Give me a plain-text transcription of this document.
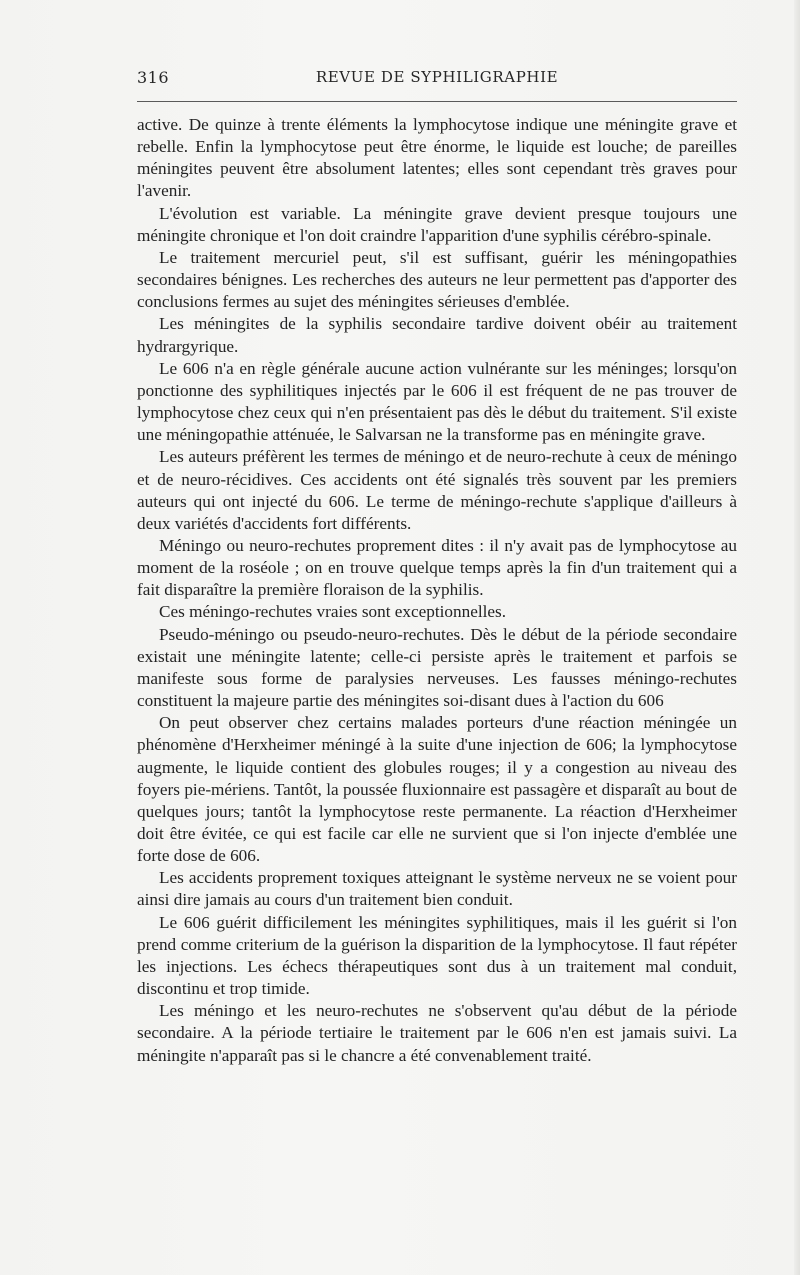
316	REVUE DE SYPHILIGRAPHIE

active. De quinze à trente éléments la lymphocytose indique une méningite grave et rebelle. Enfin la lymphocytose peut être énorme, le liquide est louche; de pareilles méningites peuvent être absolument latentes; elles sont cependant très graves pour l'avenir.

L'évolution est variable. La méningite grave devient presque toujours une méningite chronique et l'on doit craindre l'apparition d'une syphilis cérébro-spinale.

Le traitement mercuriel peut, s'il est suffisant, guérir les méningopathies secondaires bénignes. Les recherches des auteurs ne leur permettent pas d'apporter des conclusions fermes au sujet des méningites sérieuses d'emblée.

Les méningites de la syphilis secondaire tardive doivent obéir au traitement hydrargyrique.

Le 606 n'a en règle générale aucune action vulnérante sur les méninges; lorsqu'on ponctionne des syphilitiques injectés par le 606 il est fréquent de ne pas trouver de lymphocytose chez ceux qui n'en présentaient pas dès le début du traitement. S'il existe une méningopathie atténuée, le Salvarsan ne la transforme pas en méningite grave.

Les auteurs préfèrent les termes de méningo et de neuro-rechute à ceux de méningo et de neuro-récidives. Ces accidents ont été signalés très souvent par les premiers auteurs qui ont injecté du 606. Le terme de méningo-rechute s'applique d'ailleurs à deux variétés d'accidents fort différents.

Méningo ou neuro-rechutes proprement dites : il n'y avait pas de lymphocytose au moment de la roséole ; on en trouve quelque temps après la fin d'un traitement qui a fait disparaître la première floraison de la syphilis.

Ces méningo-rechutes vraies sont exceptionnelles.

Pseudo-méningo ou pseudo-neuro-rechutes. Dès le début de la période secondaire existait une méningite latente; celle-ci persiste après le traitement et parfois se manifeste sous forme de paralysies nerveuses. Les fausses méningo-rechutes constituent la majeure partie des méningites soi-disant dues à l'action du 606

On peut observer chez certains malades porteurs d'une réaction méningée un phénomène d'Herxheimer méningé à la suite d'une injection de 606; la lymphocytose augmente, le liquide contient des globules rouges; il y a congestion au niveau des foyers pie-mériens. Tantôt, la poussée fluxionnaire est passagère et disparaît au bout de quelques jours; tantôt la lymphocytose reste permanente. La réaction d'Herxheimer doit être évitée, ce qui est facile car elle ne survient que si l'on injecte d'emblée une forte dose de 606.

Les accidents proprement toxiques atteignant le système nerveux ne se voient pour ainsi dire jamais au cours d'un traitement bien conduit.

Le 606 guérit difficilement les méningites syphilitiques, mais il les guérit si l'on prend comme criterium de la guérison la disparition de la lymphocytose. Il faut répéter les injections. Les échecs thérapeutiques sont dus à un traitement mal conduit, discontinu et trop timide.

Les méningo et les neuro-rechutes ne s'observent qu'au début de la période secondaire. A la période tertiaire le traitement par le 606 n'en est jamais suivi. La méningite n'apparaît pas si le chancre a été convenablement traité.
